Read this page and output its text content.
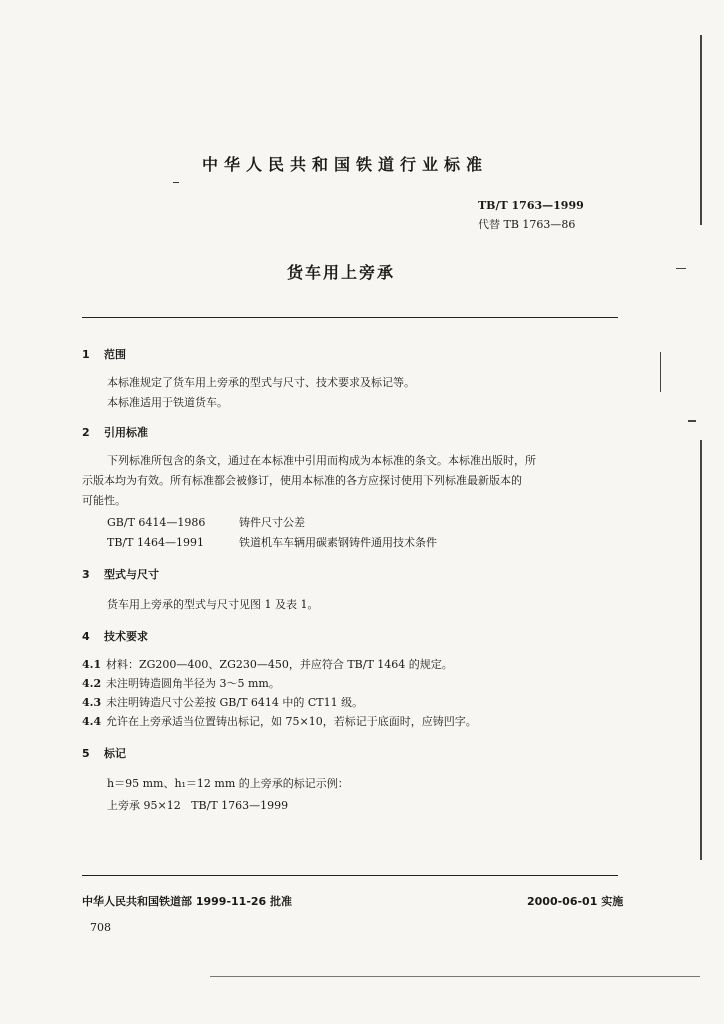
中华人民共和国铁道行业标准
TB/T 1763—1999
代替 TB 1763—86
货车用上旁承
1 范围
本标准规定了货车用上旁承的型式与尺寸、技术要求及标记等。
本标准适用于铁道货车。
2 引用标准
下列标准所包含的条文，通过在本标准中引用而构成为本标准的条文。本标准出版时，所
示版本均为有效。所有标准都会被修订，使用本标准的各方应探讨使用下列标准最新版本的
可能性。
GB/T 6414—1986	铸件尺寸公差
TB/T 1464—1991	铁道机车车辆用碳素钢铸件通用技术条件
3 型式与尺寸
货车用上旁承的型式与尺寸见图 1 及表 1。
4 技术要求
4.1 材料：ZG200—400、ZG230—450，并应符合 TB/T 1464 的规定。
4.2 未注明铸造圆角半径为 3～5 mm。
4.3 未注明铸造尺寸公差按 GB/T 6414 中的 CT11 级。
4.4 允许在上旁承适当位置铸出标记，如 75×10，若标记于底面时，应铸凹字。
5 标记
h＝95 mm、h₁＝12 mm 的上旁承的标记示例：
上旁承 95×12   TB/T 1763—1999
中华人民共和国铁道部 1999-11-26 批准	2000-06-01 实施
708
